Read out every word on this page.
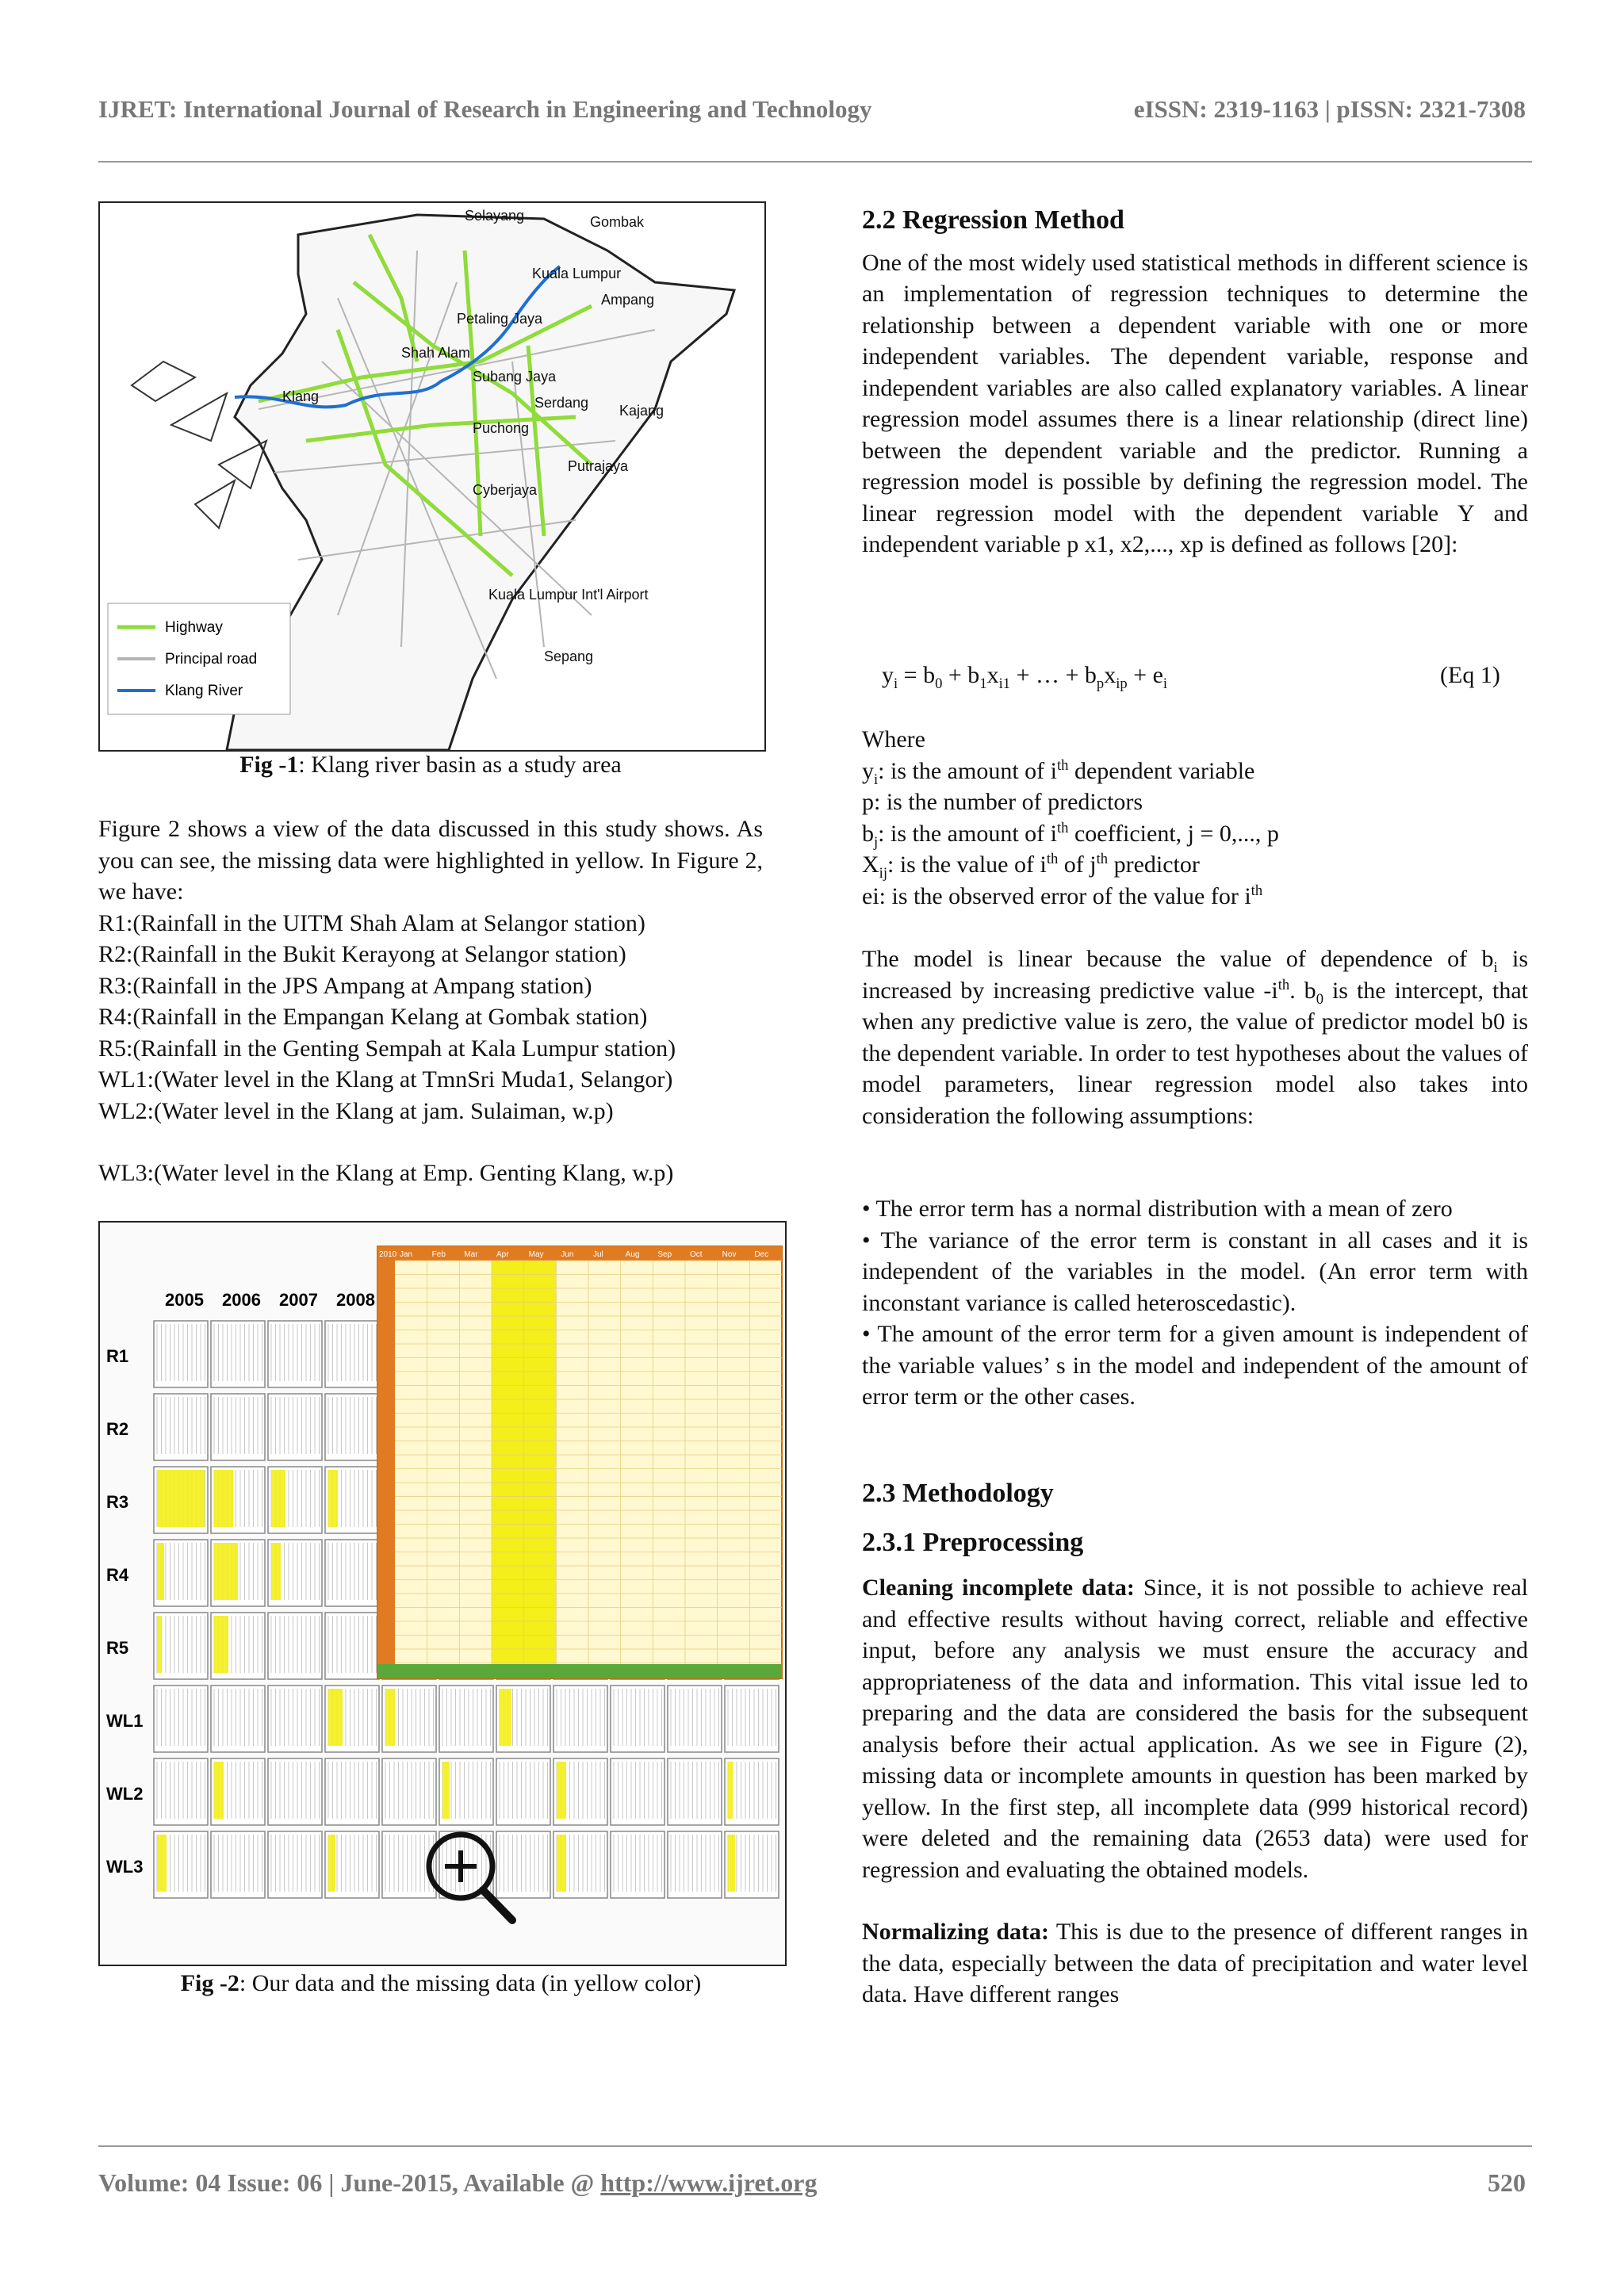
IJRET: International Journal of Research in Engineering and Technology	eISSN: 2319-1163 | pISSN: 2321-7308
Selayang	Gombak
Kuala Lumpur
Ampang
Petaling Jaya
Shah Alam
Subang Jaya
Klang	Serdang Kajang
Puchong
Putrajaya
Cyberjaya
Kuala Lumpur Int'l Airport
Sepang
Highway
Principal road
Klang River
Fig -1: Klang river basin as a study area

Figure 2 shows a view of the data discussed in this study shows. As you can see, the missing data were highlighted in yellow. In Figure 2, we have:

R1:(Rainfall in the UITM Shah Alam at Selangor station)

R2:(Rainfall in the Bukit Kerayong at Selangor station)

R3:(Rainfall in the JPS Ampang at Ampang station)

R4:(Rainfall in the Empangan Kelang at Gombak station)

R5:(Rainfall in the Genting Sempah at Kala Lumpur station)

WL1:(Water level in the Klang at TmnSri Muda1, Selangor)

WL2:(Water level in the Klang at jam. Sulaiman, w.p)

WL3:(Water level in the Klang at Emp. Genting Klang, w.p)

2005 2006 2007 2008
R1
R2
R3
R4
R5
WL1
WL2
WL3
2010 Jan Feb Mar Apr	May Jun Jul	Aug Sep Oct	Nov Dec
Fig -2: Our data and the missing data (in yellow color)

2.2 Regression Method

One of the most widely used statistical methods in different science is an implementation of regression techniques to determine the relationship between a dependent variable with one or more independent variables. The dependent variable, response and independent variables are also called explanatory variables. A linear regression model assumes there is a linear relationship (direct line) between the dependent variable and the predictor. Running a regression model is possible by defining the regression model. The linear regression model with the dependent variable Y and independent variable p x1, x2,..., xp is defined as follows [20]:

$y_i = b_0 + b_1x_{i1}$ + … + $b_px_{ip} + e_i$	(Eq 1)

Where

$y_i$: is the amount of $i^{th}$ dependent variable

p: is the number of predictors

$b_j$: is the amount of $i^{th}$ coefficient, j = 0,..., p

$X_{ij}$: is the value of $i^{th}$ of $j^{th}$ predictor

ei: is the observed error of the value for $i^{th}$

The model is linear because the value of dependence of $b_i$ is increased by increasing predictive value $-i^{th}$. $b_0$ is the intercept, that when any predictive value is zero, the value of predictor model b0 is the dependent variable. In order to test hypotheses about the values of model parameters, linear regression model also takes into consideration the following assumptions:

• The error term has a normal distribution with a mean of zero

• The variance of the error term is constant in all cases and it is independent of the variables in the model. (An error term with inconstant variance is called heteroscedastic).

• The amount of the error term for a given amount is independent of the variable values’ s in the model and independent of the amount of error term or the other cases.

2.3 Methodology

2.3.1 Preprocessing

Cleaning incomplete data: Since, it is not possible to achieve real and effective results without having correct, reliable and effective input, before any analysis we must ensure the accuracy and appropriateness of the data and information. This vital issue led to preparing and the data are considered the basis for the subsequent analysis before their actual application. As we see in Figure (2), missing data or incomplete amounts in question has been marked by yellow. In the first step, all incomplete data (999 historical record) were deleted and the remaining data (2653 data) were used for regression and evaluating the obtained models.

Normalizing data: This is due to the presence of different ranges in the data, especially between the data of precipitation and water level data. Have different ranges

Volume: 04 Issue: 06 | June-2015, Available @ http://www.ijret.org	520
